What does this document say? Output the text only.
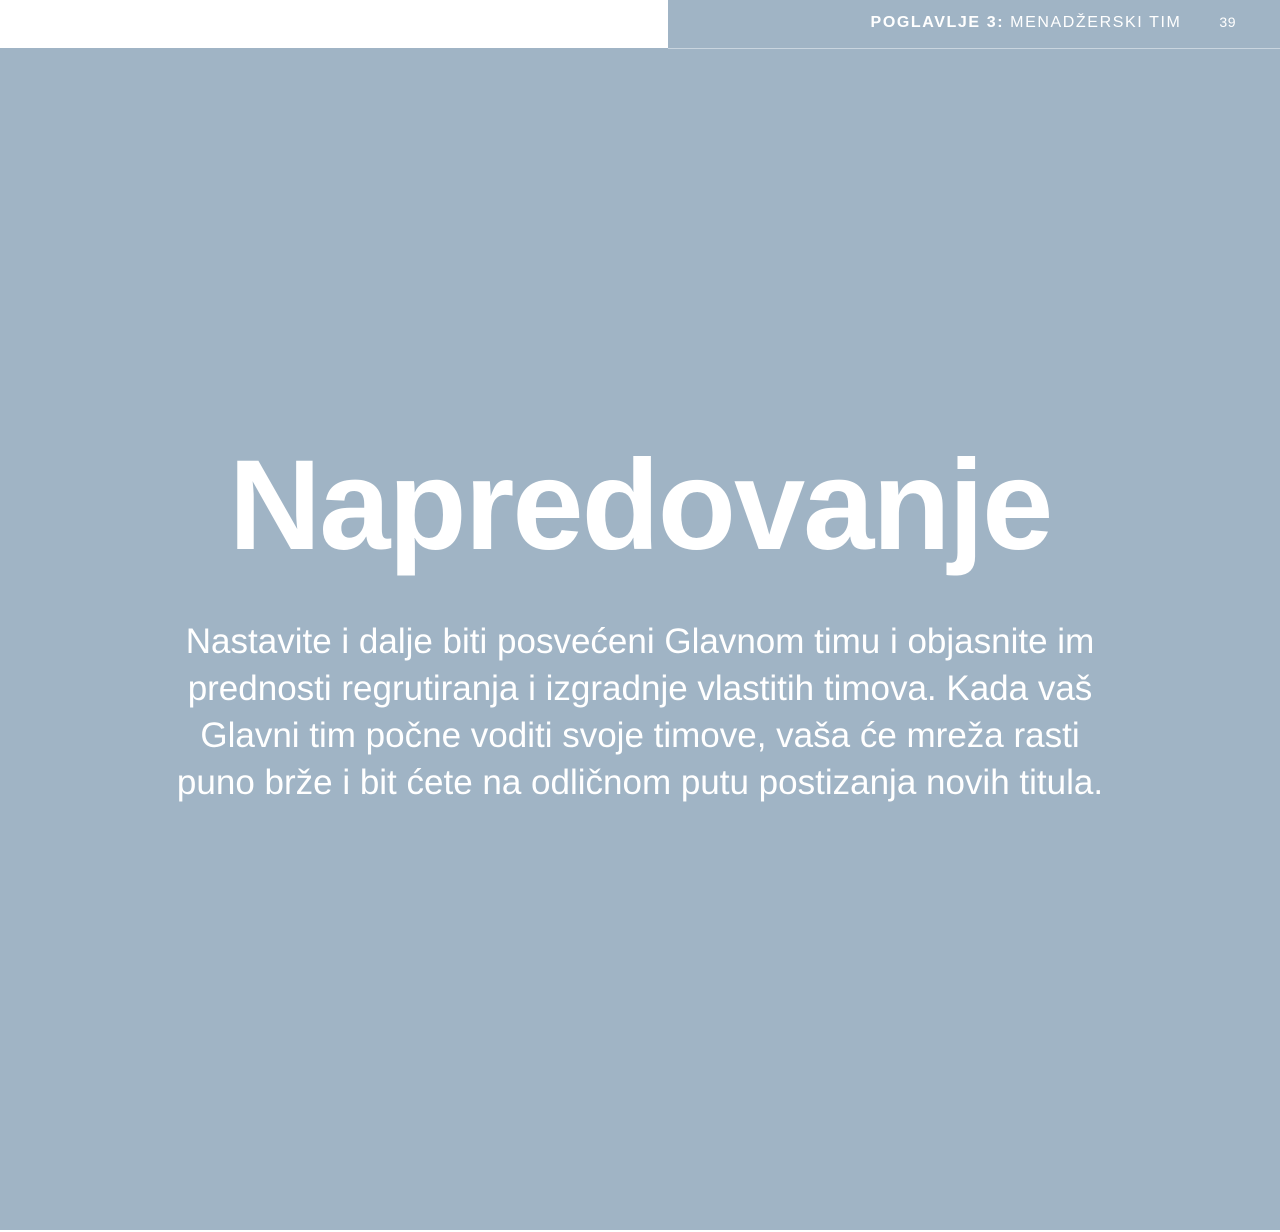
POGLAVLJE 3: MENADŽERSKI TIM	39
Napredovanje

Nastavite i dalje biti posvećeni Glavnom timu i objasnite im prednosti regrutiranja i izgradnje vlastitih timova. Kada vaš Glavni tim počne voditi svoje timove, vaša će mreža rasti puno brže i bit ćete na odličnom putu postizanja novih titula.
